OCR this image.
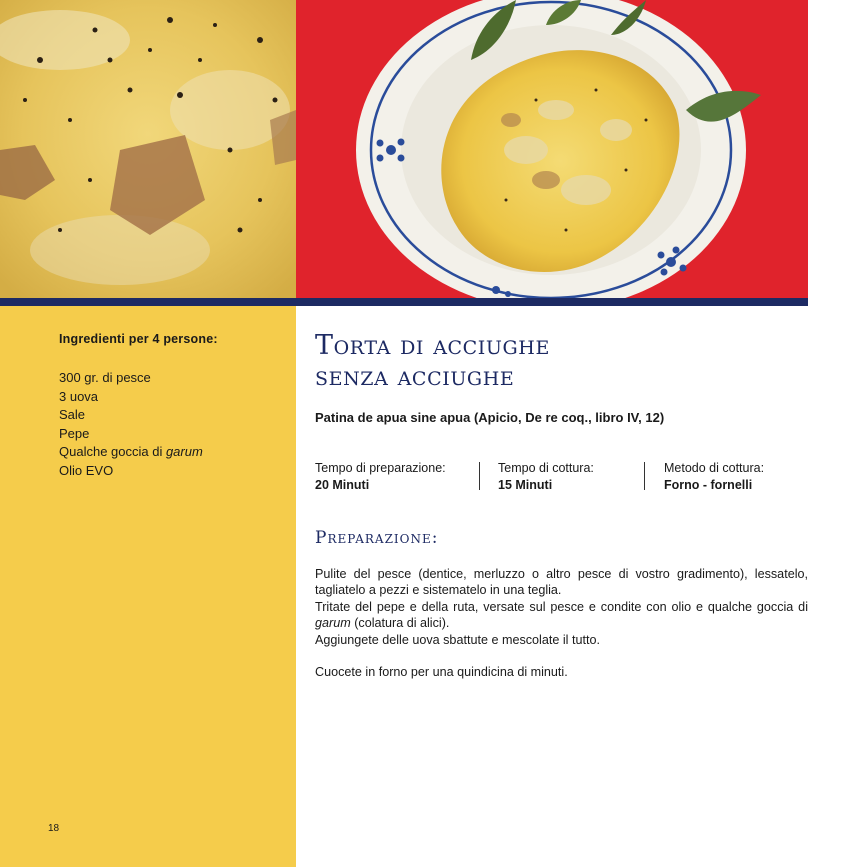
Ingredienti per 4 persone:
300 gr. di pesce
3 uova
Sale
Pepe
Qualche goccia di garum
Olio EVO
18
Torta di acciughe
senza acciughe
Patina de apua sine apua (Apicio, De re coq., libro IV, 12)
Tempo di preparazione:
20 Minuti
Tempo di cottura:
15 Minuti
Metodo di cottura:
Forno - fornelli
Preparazione:

Pulite del pesce (dentice, merluzzo o altro pesce di vostro gradimento), lessatelo, tagliatelo a pezzi e sistematelo in una teglia.

Tritate del pepe e della ruta, versate sul pesce e condite con olio e qualche goccia di garum (colatura di alici).

Aggiungete delle uova sbattute e mescolate il tutto.

Cuocete in forno per una quindicina di minuti.
